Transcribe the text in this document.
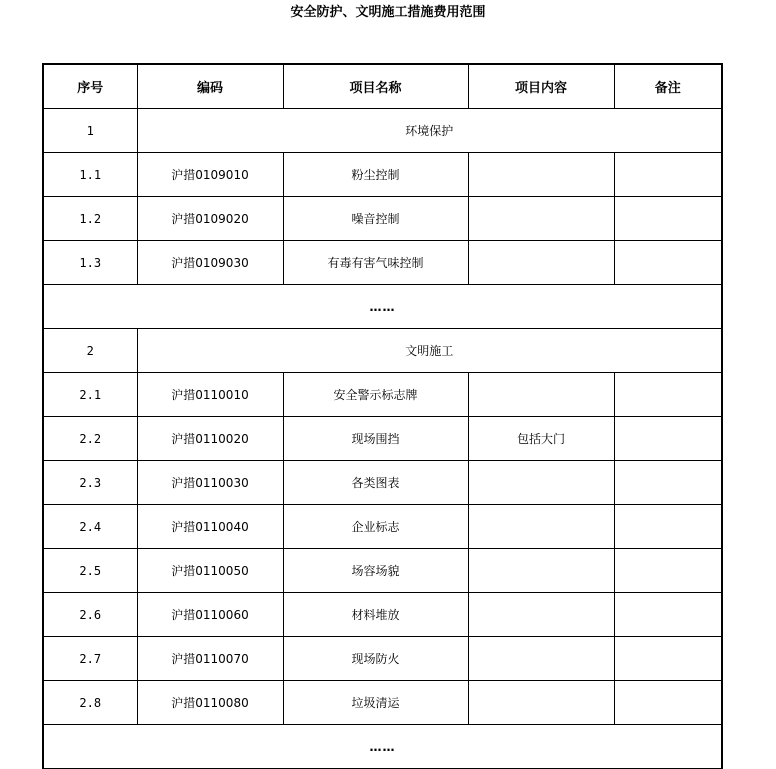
安全防护、文明施工措施费用范围
序号	编码	项目名称	项目内容	备注
1	环境保护			
1.1	沪措0109010	粉尘控制		
1.2	沪措0109020	噪音控制		
1.3	沪措0109030	有毒有害气味控制		
……				
2	文明施工			
2.1	沪措0110010	安全警示标志牌		
2.2	沪措0110020	现场围挡	包括大门	
2.3	沪措0110030	各类图表		
2.4	沪措0110040	企业标志		
2.5	沪措0110050	场容场貌		
2.6	沪措0110060	材料堆放		
2.7	沪措0110070	现场防火		
2.8	沪措0110080	垃圾清运		
……				
